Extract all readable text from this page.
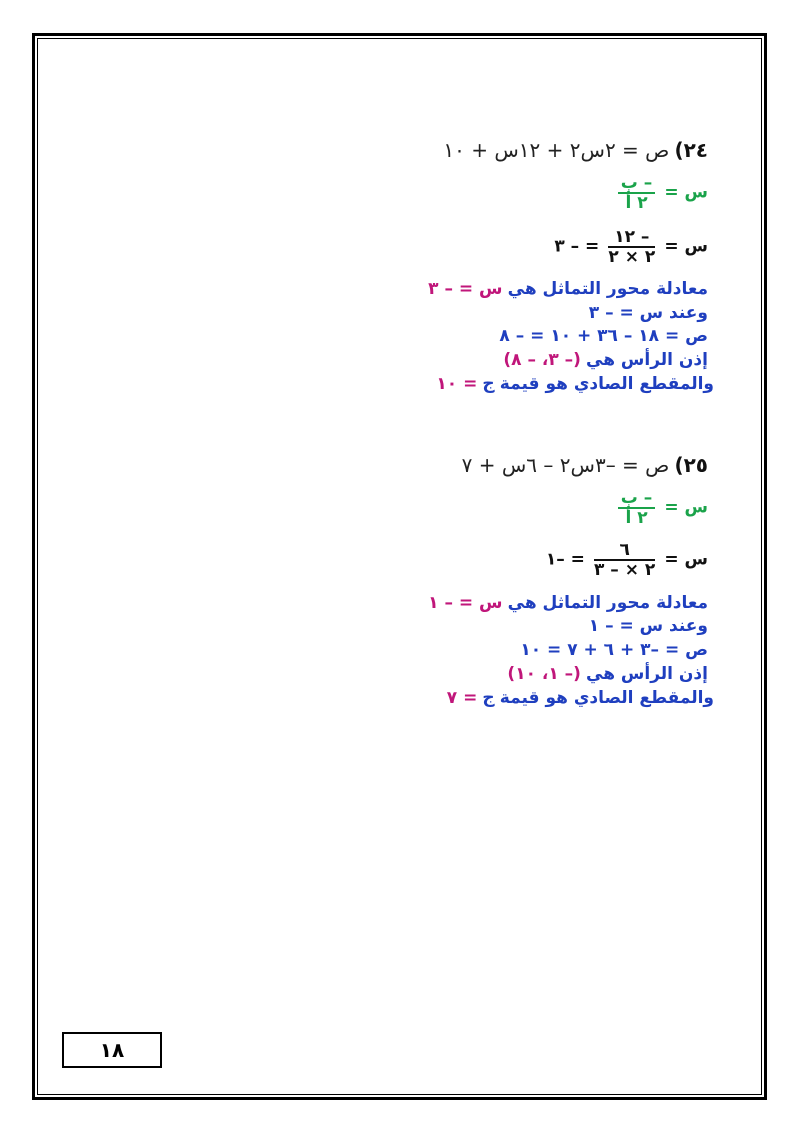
٢٤) ص = ٢س٢ + ١٢س + ١٠
س =
$\frac{\text{– ب}}{\text{٢ أ}}$
س =
$\frac{- ١٢}{٢ \times ٢}$
= – ٣
معادلة محور التماثل هي س = – ٣
وعند س = – ٣
ص = ١٨ – ٣٦ + ١٠ = – ٨
إذن الرأس هي (– ٣، – ٨)
والمقطع الصادي هو قيمة ج = ١٠
٢٥) ص = –٣س٢ – ٦س + ٧
س =
$\frac{\text{– ب}}{\text{٢ أ}}$
س =
$\frac{٦}{٢ \times - ٣}$
= –١
معادلة محور التماثل هي س = – ١
وعند س = – ١
ص = –٣ + ٦ + ٧ = ١٠
إذن الرأس هي (– ١، ١٠)
والمقطع الصادي هو قيمة ج = ٧
١٨
